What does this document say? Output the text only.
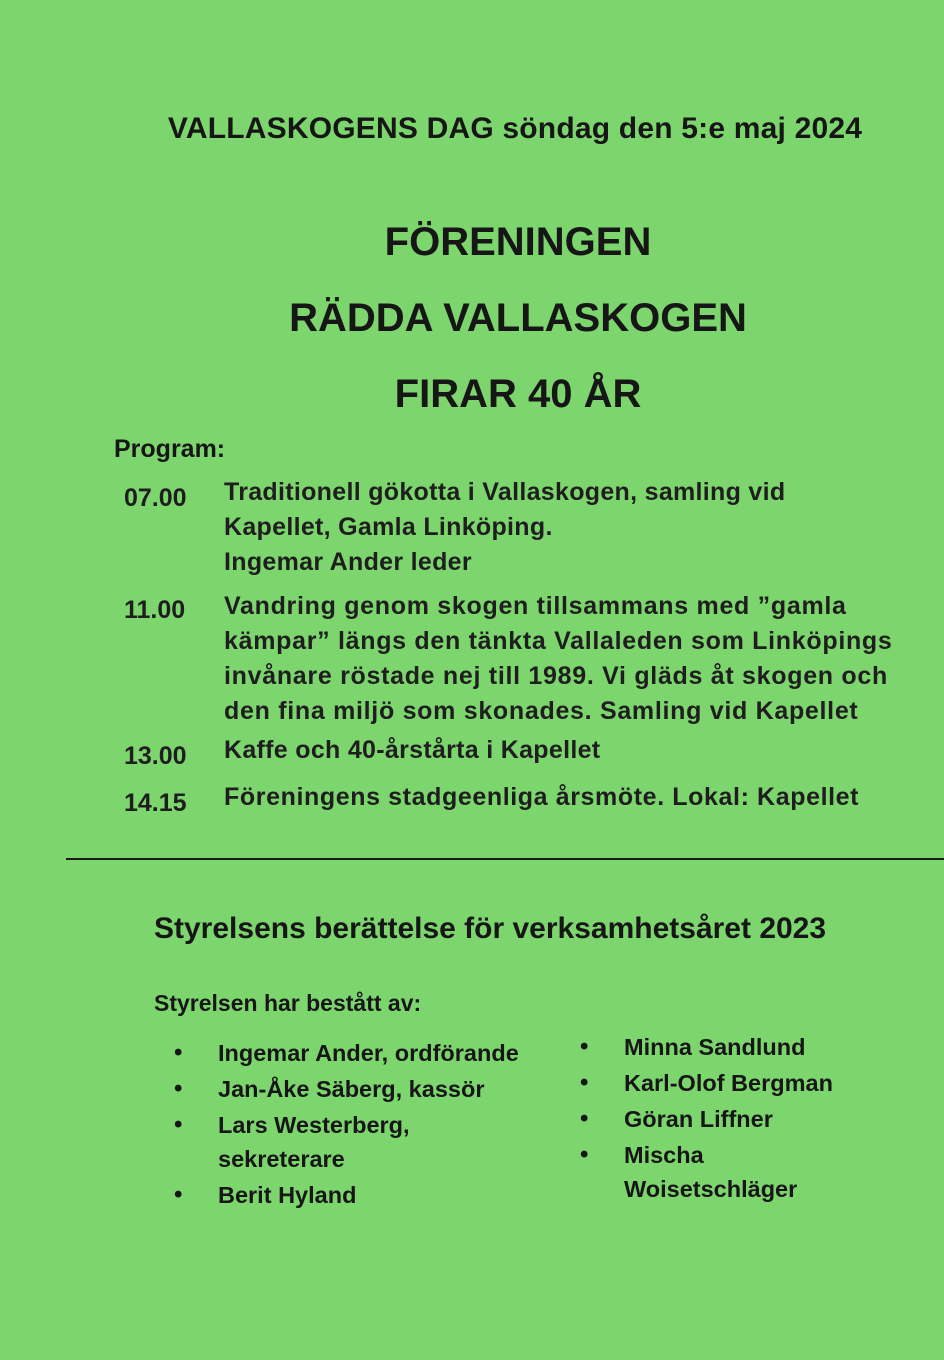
VALLASKOGENS DAG söndag den 5:e maj 2024
FÖRENINGEN
RÄDDA VALLASKOGEN
FIRAR 40 ÅR
Program:
07.00	Traditionell gökotta i Vallaskogen, samling vid
Kapellet, Gamla Linköping.
Ingemar Ander leder
11.00	Vandring genom skogen tillsammans med ”gamla
kämpar” längs den tänkta Vallaleden som Linköpings
invånare röstade nej till 1989. Vi gläds åt skogen och
den fina miljö som skonades. Samling vid Kapellet
13.00	Kaffe och 40-årstårta i Kapellet
14.15	Föreningens stadgeenliga årsmöte. Lokal: Kapellet
Styrelsens berättelse för verksamhetsåret 2023
Styrelsen har bestått av:
• Ingemar Ander, ordförande
• Jan-Åke Säberg, kassör
• Lars Westerberg,
sekreterare
• Berit Hyland
• Minna Sandlund
• Karl-Olof Bergman
• Göran Liffner
• Mischa
Woisetschläger
